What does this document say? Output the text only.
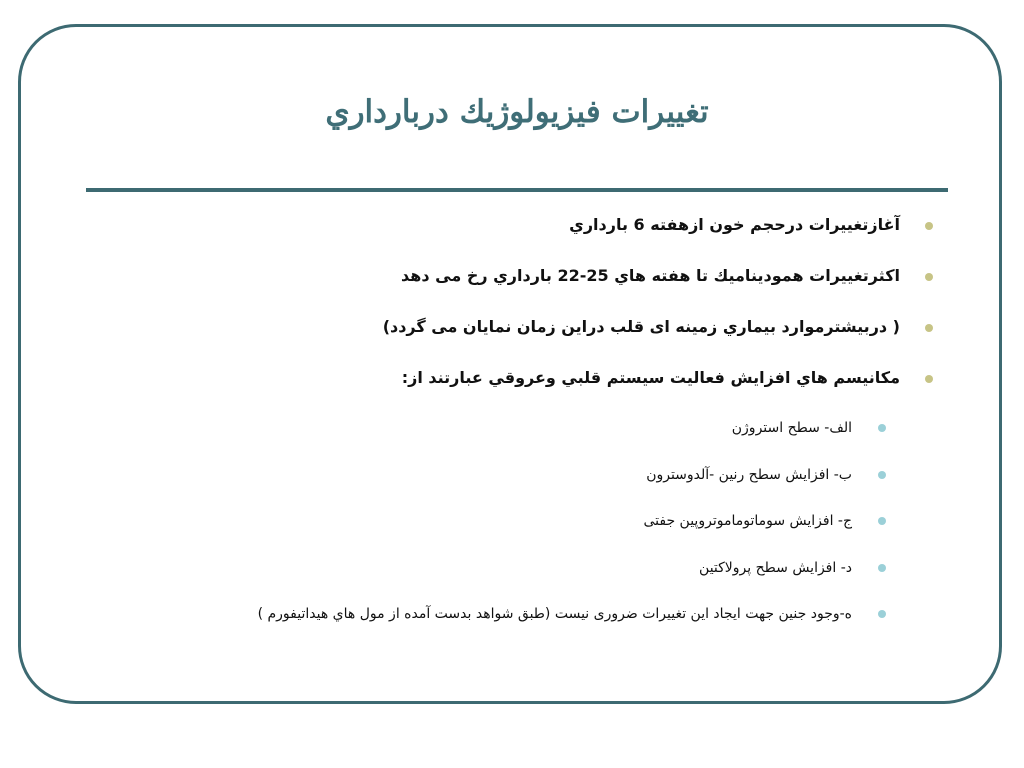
تغييرات فيزيولوژيك دربارداري
آغازتغييرات درحجم خون ازهفته 6 بارداري
اكثرتغييرات همودیناميك تا هفته هاي 25-22 بارداري رخ می دهد
( دربيشترموارد بيماري زمينه ای قلب دراين زمان نمايان می گردد)
مكانيسم هاي افزايش فعاليت سيستم قلبي وعروقي عبارتند از:
الف- سطح استروژن
ب- افزایش سطح رنین -آلدوسترون
ج- افزایش سوماتوماموتروپین جفتی
د- افزایش سطح پرولاکتین
ه-وجود جنین جهت ایجاد این تغییرات ضروری نیست (طبق شواهد بدست آمده از مول هاي هيداتيفورم )
